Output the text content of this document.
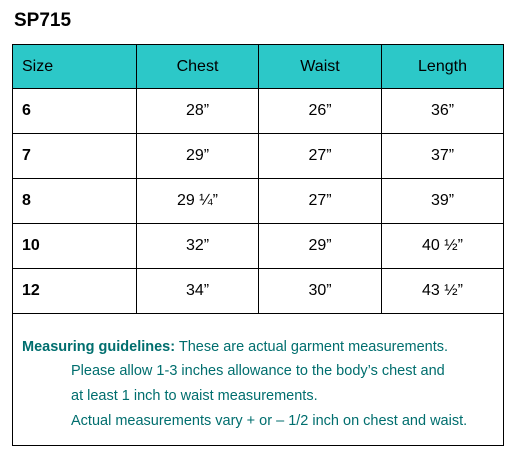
SP715
Size	Chest	Waist	Length
6	28”	26”	36”
7	29”	27”	37”
8	29 ¼”	27”	39”
10	32”	29”	40 ½”
12	34”	30”	43 ½”

Measuring guidelines: These are actual garment measurements.
Please allow 1-3 inches allowance to the body’s chest and
at least 1 inch to waist measurements.
Actual measurements vary + or – 1/2 inch on chest and waist.			
